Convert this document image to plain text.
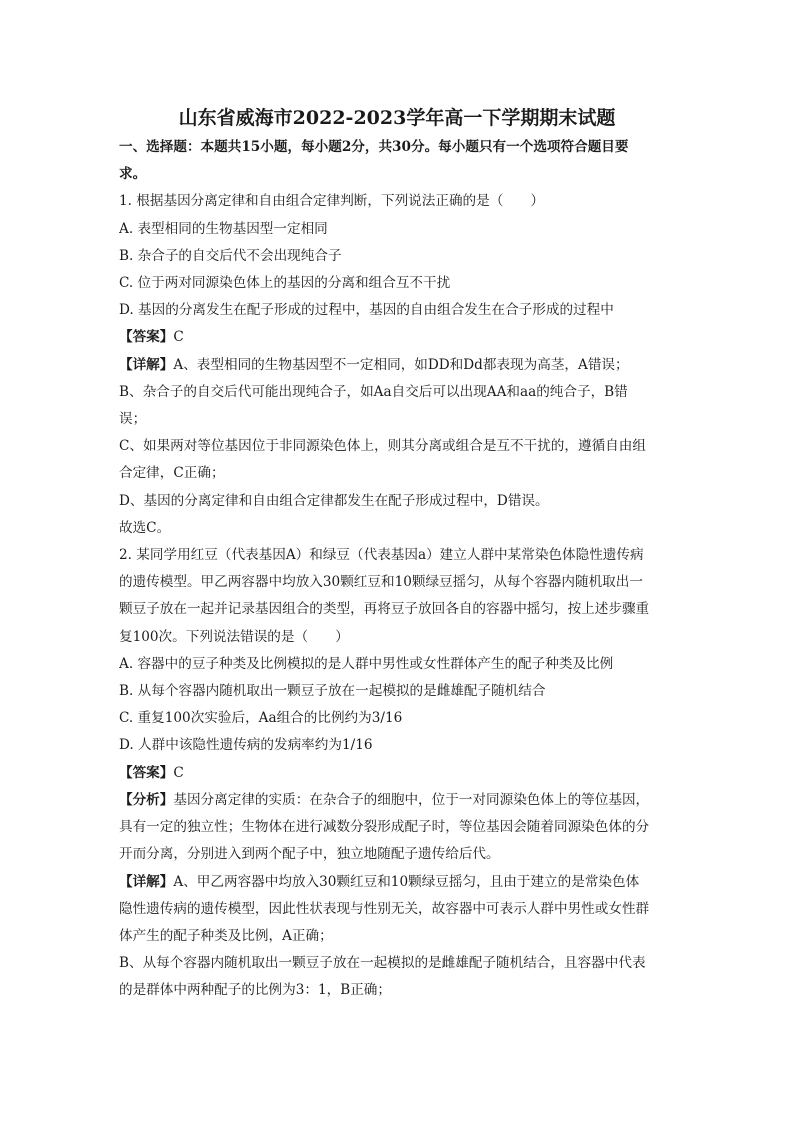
山东省威海市2022-2023学年高一下学期期末试题
一、选择题：本题共15小题，每小题2分，共30分。每小题只有一个选项符合题目要
求。
1. 根据基因分离定律和自由组合定律判断，下列说法正确的是（　　）
A. 表型相同的生物基因型一定相同
B. 杂合子的自交后代不会出现纯合子
C. 位于两对同源染色体上的基因的分离和组合互不干扰
D. 基因的分离发生在配子形成的过程中，基因的自由组合发生在合子形成的过程中
【答案】C
【详解】A、表型相同的生物基因型不一定相同，如DD和Dd都表现为高茎，A错误；
B、杂合子的自交后代可能出现纯合子，如Aa自交后可以出现AA和aa的纯合子，B错
误；
C、如果两对等位基因位于非同源染色体上，则其分离或组合是互不干扰的，遵循自由组
合定律，C正确；
D、基因的分离定律和自由组合定律都发生在配子形成过程中，D错误。
故选C。
2. 某同学用红豆（代表基因A）和绿豆（代表基因a）建立人群中某常染色体隐性遗传病
的遗传模型。甲乙两容器中均放入30颗红豆和10颗绿豆摇匀，从每个容器内随机取出一
颗豆子放在一起并记录基因组合的类型，再将豆子放回各自的容器中摇匀，按上述步骤重
复100次。下列说法错误的是（　　）
A. 容器中的豆子种类及比例模拟的是人群中男性或女性群体产生的配子种类及比例
B. 从每个容器内随机取出一颗豆子放在一起模拟的是雌雄配子随机结合
C. 重复100次实验后，Aa组合的比例约为3/16
D. 人群中该隐性遗传病的发病率约为1/16
【答案】C
【分析】基因分离定律的实质：在杂合子的细胞中，位于一对同源染色体上的等位基因，
具有一定的独立性；生物体在进行减数分裂形成配子时，等位基因会随着同源染色体的分
开而分离，分别进入到两个配子中，独立地随配子遗传给后代。
【详解】A、甲乙两容器中均放入30颗红豆和10颗绿豆摇匀，且由于建立的是常染色体
隐性遗传病的遗传模型，因此性状表现与性别无关，故容器中可表示人群中男性或女性群
体产生的配子种类及比例，A正确；
B、从每个容器内随机取出一颗豆子放在一起模拟的是雌雄配子随机结合，且容器中代表
的是群体中两种配子的比例为3：1，B正确；
